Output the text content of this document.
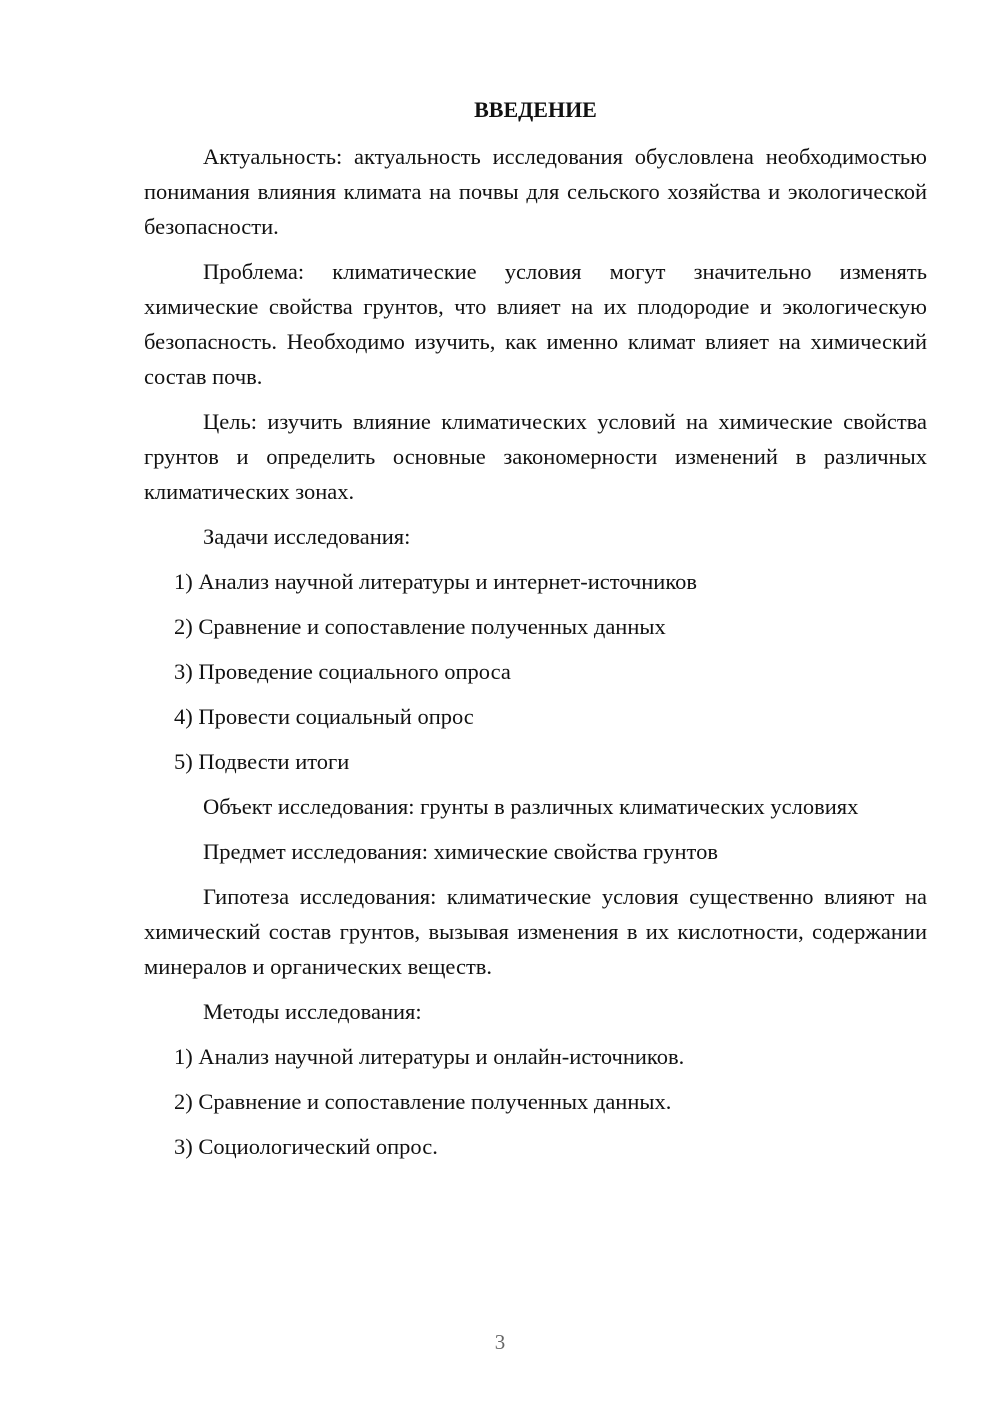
ВВЕДЕНИЕ

Актуальность: актуальность исследования обусловлена необходимостью понимания влияния климата на почвы для сельского хозяйства и экологической безопасности.

Проблема: климатические условия могут значительно изменять химические свойства грунтов, что влияет на их плодородие и экологическую безопасность. Необходимо изучить, как именно климат влияет на химический состав почв.

Цель: изучить влияние климатических условий на химические свойства грунтов и определить основные закономерности изменений в различных климатических зонах.

Задачи исследования:
1) Анализ научной литературы и интернет-источников
2) Сравнение и сопоставление полученных данных
3) Проведение социального опроса
4) Провести социальный опрос
5) Подвести итоги
Объект исследования: грунты в различных климатических условиях
Предмет исследования: химические свойства грунтов

Гипотеза исследования: климатические условия существенно влияют на химический состав грунтов, вызывая изменения в их кислотности, содержании минералов и органических веществ.

Методы исследования:
1) Анализ научной литературы и онлайн-источников.
2) Сравнение и сопоставление полученных данных.
3) Социологический опрос.
3
